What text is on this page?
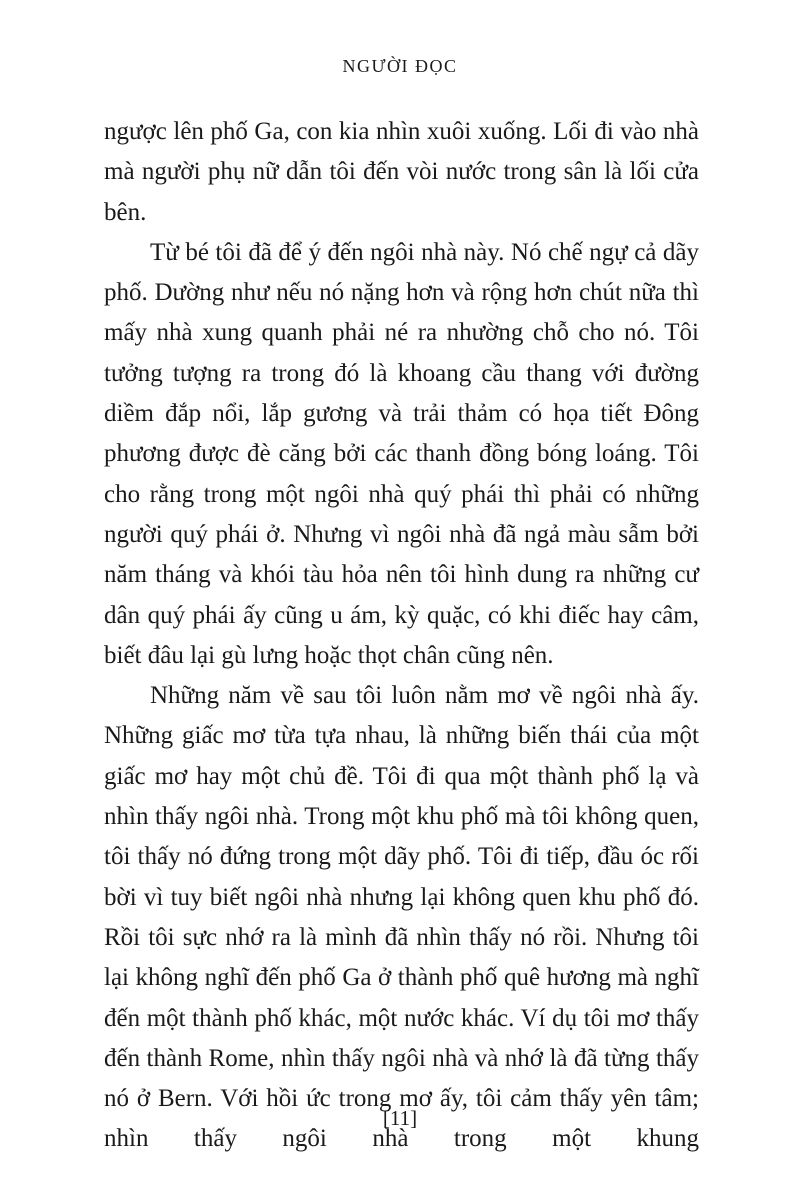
NGƯỜI ĐỌC

ngược lên phố Ga, con kia nhìn xuôi xuống. Lối đi vào nhà mà người phụ nữ dẫn tôi đến vòi nước trong sân là lối cửa bên.

Từ bé tôi đã để ý đến ngôi nhà này. Nó chế ngự cả dãy phố. Dường như nếu nó nặng hơn và rộng hơn chút nữa thì mấy nhà xung quanh phải né ra nhường chỗ cho nó. Tôi tưởng tượng ra trong đó là khoang cầu thang với đường diềm đắp nổi, lắp gương và trải thảm có họa tiết Đông phương được đè căng bởi các thanh đồng bóng loáng. Tôi cho rằng trong một ngôi nhà quý phái thì phải có những người quý phái ở. Nhưng vì ngôi nhà đã ngả màu sẫm bởi năm tháng và khói tàu hỏa nên tôi hình dung ra những cư dân quý phái ấy cũng u ám, kỳ quặc, có khi điếc hay câm, biết đâu lại gù lưng hoặc thọt chân cũng nên.

Những năm về sau tôi luôn nằm mơ về ngôi nhà ấy. Những giấc mơ từa tựa nhau, là những biến thái của một giấc mơ hay một chủ đề. Tôi đi qua một thành phố lạ và nhìn thấy ngôi nhà. Trong một khu phố mà tôi không quen, tôi thấy nó đứng trong một dãy phố. Tôi đi tiếp, đầu óc rối bời vì tuy biết ngôi nhà nhưng lại không quen khu phố đó. Rồi tôi sực nhớ ra là mình đã nhìn thấy nó rồi. Nhưng tôi lại không nghĩ đến phố Ga ở thành phố quê hương mà nghĩ đến một thành phố khác, một nước khác. Ví dụ tôi mơ thấy đến thành Rome, nhìn thấy ngôi nhà và nhớ là đã từng thấy nó ở Bern. Với hồi ức trong mơ ấy, tôi cảm thấy yên tâm; nhìn thấy ngôi nhà trong một khung

[11]
